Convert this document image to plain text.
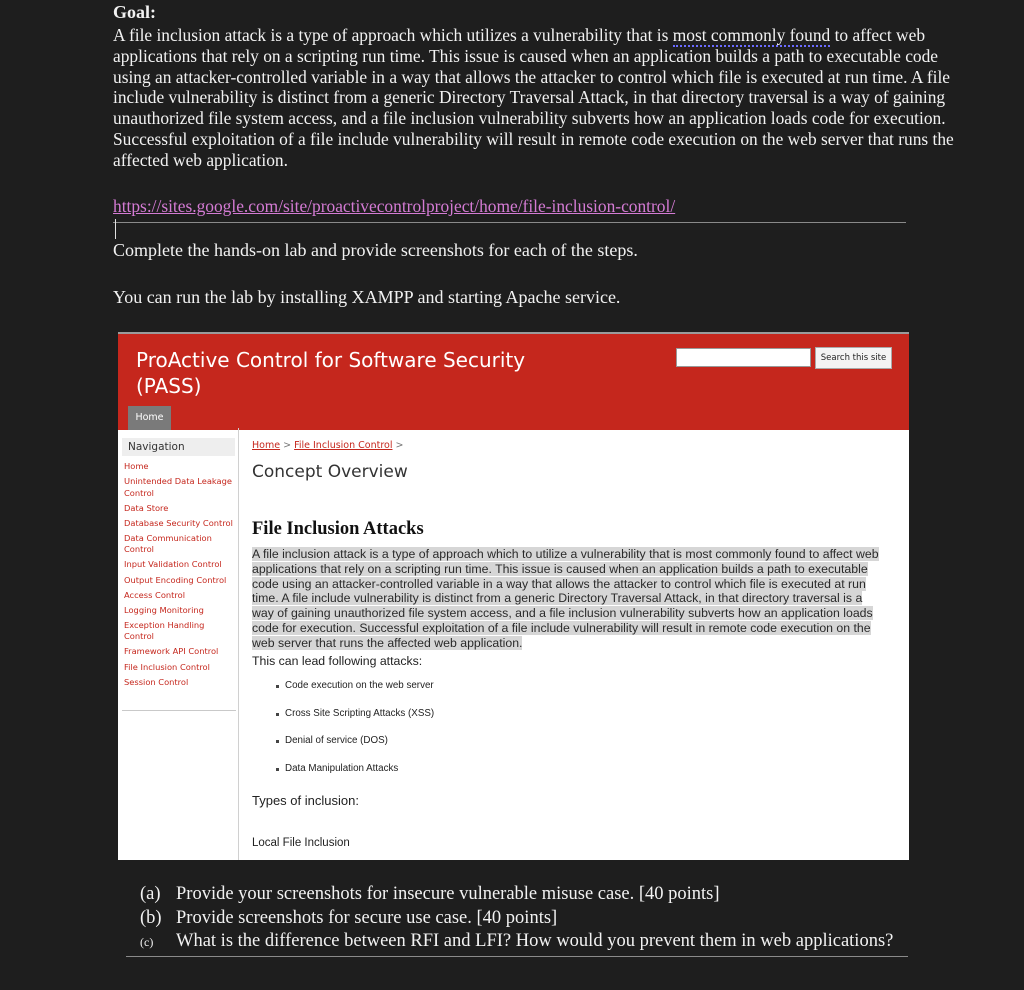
Goal:
A file inclusion attack is a type of approach which utilizes a vulnerability that is most commonly found to affect web applications that rely on a scripting run time. This issue is caused when an application builds a path to executable code using an attacker-controlled variable in a way that allows the attacker to control which file is executed at run time. A file include vulnerability is distinct from a generic Directory Traversal Attack, in that directory traversal is a way of gaining unauthorized file system access, and a file inclusion vulnerability subverts how an application loads code for execution. Successful exploitation of a file include vulnerability will result in remote code execution on the web server that runs the affected web application.
https://sites.google.com/site/proactivecontrolproject/home/file-inclusion-control/
Complete the hands-on lab and provide screenshots for each of the steps.
You can run the lab by installing XAMPP and starting Apache service.
ProActive Control for Software Security (PASS)
Search this site
Home
Navigation
Home
Unintended Data Leakage Control
Data Store
Database Security Control
Data Communication Control
Input Validation Control
Output Encoding Control
Access Control
Logging Monitoring
Exception Handling Control
Framework API Control
File Inclusion Control
Session Control
Home > File Inclusion Control >
Concept Overview
File Inclusion Attacks
A file inclusion attack is a type of approach which to utilize a vulnerability that is most commonly found to affect web applications that rely on a scripting run time. This issue is caused when an application builds a path to executable code using an attacker-controlled variable in a way that allows the attacker to control which file is executed at run time. A file include vulnerability is distinct from a generic Directory Traversal Attack, in that directory traversal is a way of gaining unauthorized file system access, and a file inclusion vulnerability subverts how an application loads code for execution. Successful exploitation of a file include vulnerability will result in remote code execution on the web server that runs the affected web application.
This can lead following attacks:
Code execution on the web server
Cross Site Scripting Attacks (XSS)
Denial of service (DOS)
Data Manipulation Attacks
Types of inclusion:
Local File Inclusion
(a) Provide your screenshots for insecure vulnerable misuse case. [40 points]
(b) Provide screenshots for secure use case. [40 points]
(c) What is the difference between RFI and LFI? How would you prevent them in web applications?
